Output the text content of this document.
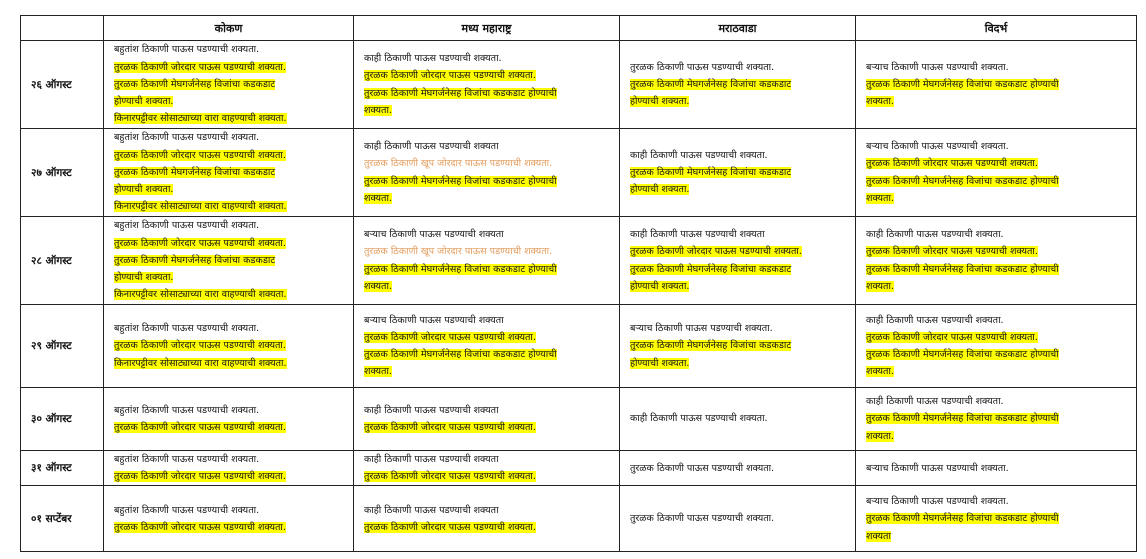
	कोकण	मध्य महाराष्ट्र	मराठवाडा	विदर्भ
२६ ऑगस्ट	बहुतांश ठिकाणी पाऊस पडण्याची शक्यता.
तुरळक ठिकाणी जोरदार पाऊस पडण्याची शक्यता.
तुरळक ठिकाणी मेघगर्जनेसह विजांचा कडकडाट
होण्याची शक्यता.
किनारपट्टीवर सोसाट्याच्या वारा वाहण्याची शक्यता.	काही ठिकाणी पाऊस पडण्याची शक्यता.
तुरळक ठिकाणी जोरदार पाऊस पडण्याची शक्यता.
तुरळक ठिकाणी मेघगर्जनेसह विजांचा कडकडाट होण्याची
शक्यता.	तुरळक ठिकाणी पाऊस पडण्याची शक्यता.
तुरळक ठिकाणी मेघगर्जनेसह विजांचा कडकडाट
होण्याची शक्यता.	बऱ्याच ठिकाणी पाऊस पडण्याची शक्यता.
तुरळक ठिकाणी मेघगर्जनेसह विजांचा कडकडाट होण्याची
शक्यता.

२७ ऑगस्ट	बहुतांश ठिकाणी पाऊस पडण्याची शक्यता.
तुरळक ठिकाणी जोरदार पाऊस पडण्याची शक्यता.
तुरळक ठिकाणी मेघगर्जनेसह विजांचा कडकडाट
होण्याची शक्यता.
किनारपट्टीवर सोसाट्याच्या वारा वाहण्याची शक्यता.	काही ठिकाणी पाऊस पडण्याची शक्यता
तुरळक ठिकाणी खूप जोरदार पाऊस पडण्याची शक्यता.
तुरळक ठिकाणी मेघगर्जनेसह विजांचा कडकडाट होण्याची
शक्यता.	काही ठिकाणी पाऊस पडण्याची शक्यता.
तुरळक ठिकाणी मेघगर्जनेसह विजांचा कडकडाट
होण्याची शक्यता.	बऱ्याच ठिकाणी पाऊस पडण्याची शक्यता.
तुरळक ठिकाणी जोरदार पाऊस पडण्याची शक्यता.
तुरळक ठिकाणी मेघगर्जनेसह विजांचा कडकडाट होण्याची
शक्यता.

२८ ऑगस्ट	बहुतांश ठिकाणी पाऊस पडण्याची शक्यता.
तुरळक ठिकाणी जोरदार पाऊस पडण्याची शक्यता.
तुरळक ठिकाणी मेघगर्जनेसह विजांचा कडकडाट
होण्याची शक्यता.
किनारपट्टीवर सोसाट्याच्या वारा वाहण्याची शक्यता.	बऱ्याच ठिकाणी पाऊस पडण्याची शक्यता
तुरळक ठिकाणी खूप जोरदार पाऊस पडण्याची शक्यता.
तुरळक ठिकाणी मेघगर्जनेसह विजांचा कडकडाट होण्याची
शक्यता.	काही ठिकाणी पाऊस पडण्याची शक्यता
तुरळक ठिकाणी जोरदार पाऊस पडण्याची शक्यता.
तुरळक ठिकाणी मेघगर्जनेसह विजांचा कडकडाट
होण्याची शक्यता.	काही ठिकाणी पाऊस पडण्याची शक्यता.
तुरळक ठिकाणी जोरदार पाऊस पडण्याची शक्यता.
तुरळक ठिकाणी मेघगर्जनेसह विजांचा कडकडाट होण्याची
शक्यता.

२९ ऑगस्ट	बहुतांश ठिकाणी पाऊस पडण्याची शक्यता.
तुरळक ठिकाणी जोरदार पाऊस पडण्याची शक्यता.
किनारपट्टीवर सोसाट्याच्या वारा वाहण्याची शक्यता.	बऱ्याच ठिकाणी पाऊस पडण्याची शक्यता
तुरळक ठिकाणी जोरदार पाऊस पडण्याची शक्यता.
तुरळक ठिकाणी मेघगर्जनेसह विजांचा कडकडाट होण्याची
शक्यता.	बऱ्याच ठिकाणी पाऊस पडण्याची शक्यता.
तुरळक ठिकाणी मेघगर्जनेसह विजांचा कडकडाट
होण्याची शक्यता.	काही ठिकाणी पाऊस पडण्याची शक्यता.
तुरळक ठिकाणी जोरदार पाऊस पडण्याची शक्यता.
तुरळक ठिकाणी मेघगर्जनेसह विजांचा कडकडाट होण्याची
शक्यता.

३० ऑगस्ट	बहुतांश ठिकाणी पाऊस पडण्याची शक्यता.
तुरळक ठिकाणी जोरदार पाऊस पडण्याची शक्यता.	काही ठिकाणी पाऊस पडण्याची शक्यता
तुरळक ठिकाणी जोरदार पाऊस पडण्याची शक्यता.	काही ठिकाणी पाऊस पडण्याची शक्यता.	काही ठिकाणी पाऊस पडण्याची शक्यता.
तुरळक ठिकाणी मेघगर्जनेसह विजांचा कडकडाट होण्याची
शक्यता.

३१ ऑगस्ट	बहुतांश ठिकाणी पाऊस पडण्याची शक्यता.
तुरळक ठिकाणी जोरदार पाऊस पडण्याची शक्यता.	काही ठिकाणी पाऊस पडण्याची शक्यता
तुरळक ठिकाणी जोरदार पाऊस पडण्याची शक्यता.	तुरळक ठिकाणी पाऊस पडण्याची शक्यता.	बऱ्याच ठिकाणी पाऊस पडण्याची शक्यता.

०१ सप्टेंबर	बहुतांश ठिकाणी पाऊस पडण्याची शक्यता.
तुरळक ठिकाणी जोरदार पाऊस पडण्याची शक्यता.	काही ठिकाणी पाऊस पडण्याची शक्यता
तुरळक ठिकाणी जोरदार पाऊस पडण्याची शक्यता.	तुरळक ठिकाणी पाऊस पडण्याची शक्यता.	बऱ्याच ठिकाणी पाऊस पडण्याची शक्यता.
तुरळक ठिकाणी मेघगर्जनेसह विजांचा कडकडाट होण्याची
शक्यता
